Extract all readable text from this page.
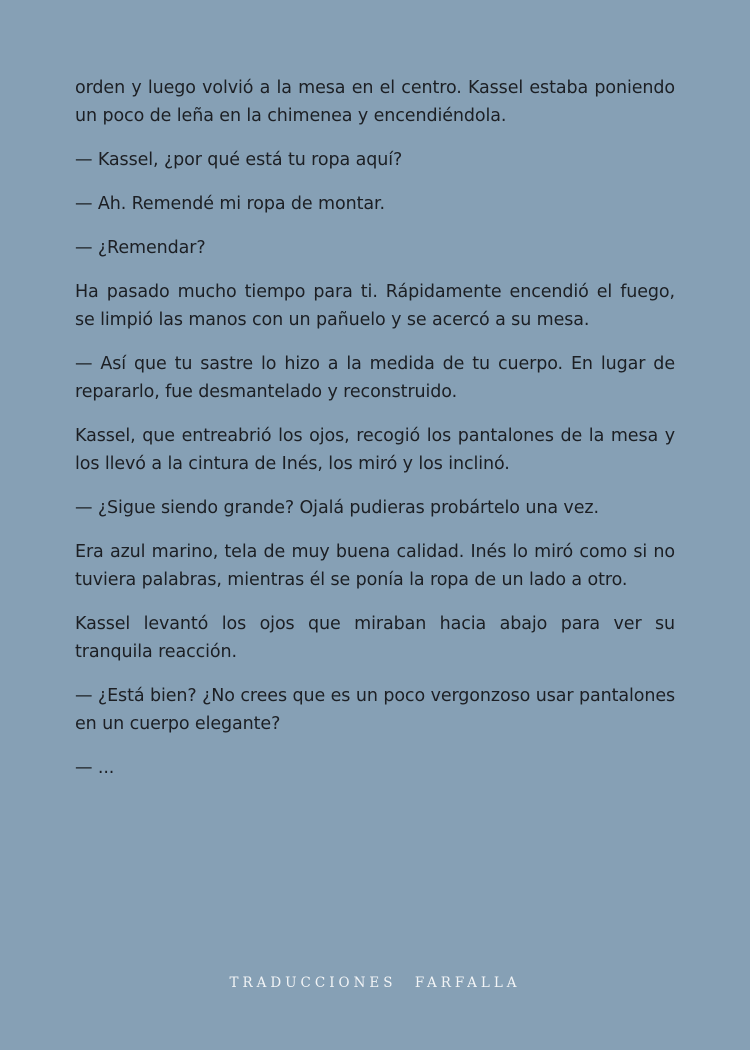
orden y luego volvió a la mesa en el centro. Kassel estaba poniendo un poco de leña en la chimenea y encendiéndola.

— Kassel, ¿por qué está tu ropa aquí?

— Ah. Remendé mi ropa de montar.

— ¿Remendar?

Ha pasado mucho tiempo para ti. Rápidamente encendió el fuego, se limpió las manos con un pañuelo y se acercó a su mesa.

— Así que tu sastre lo hizo a la medida de tu cuerpo. En lugar de repararlo, fue desmantelado y reconstruido.

Kassel, que entreabrió los ojos, recogió los pantalones de la mesa y los llevó a la cintura de Inés, los miró y los inclinó.

— ¿Sigue siendo grande? Ojalá pudieras probártelo una vez.

Era azul marino, tela de muy buena calidad. Inés lo miró como si no tuviera palabras, mientras él se ponía la ropa de un lado a otro.

Kassel levantó los ojos que miraban hacia abajo para ver su tranquila reacción.

— ¿Está bien? ¿No crees que es un poco vergonzoso usar pantalones en un cuerpo elegante?

— ...

TRADUCCIONES FARFALLA
